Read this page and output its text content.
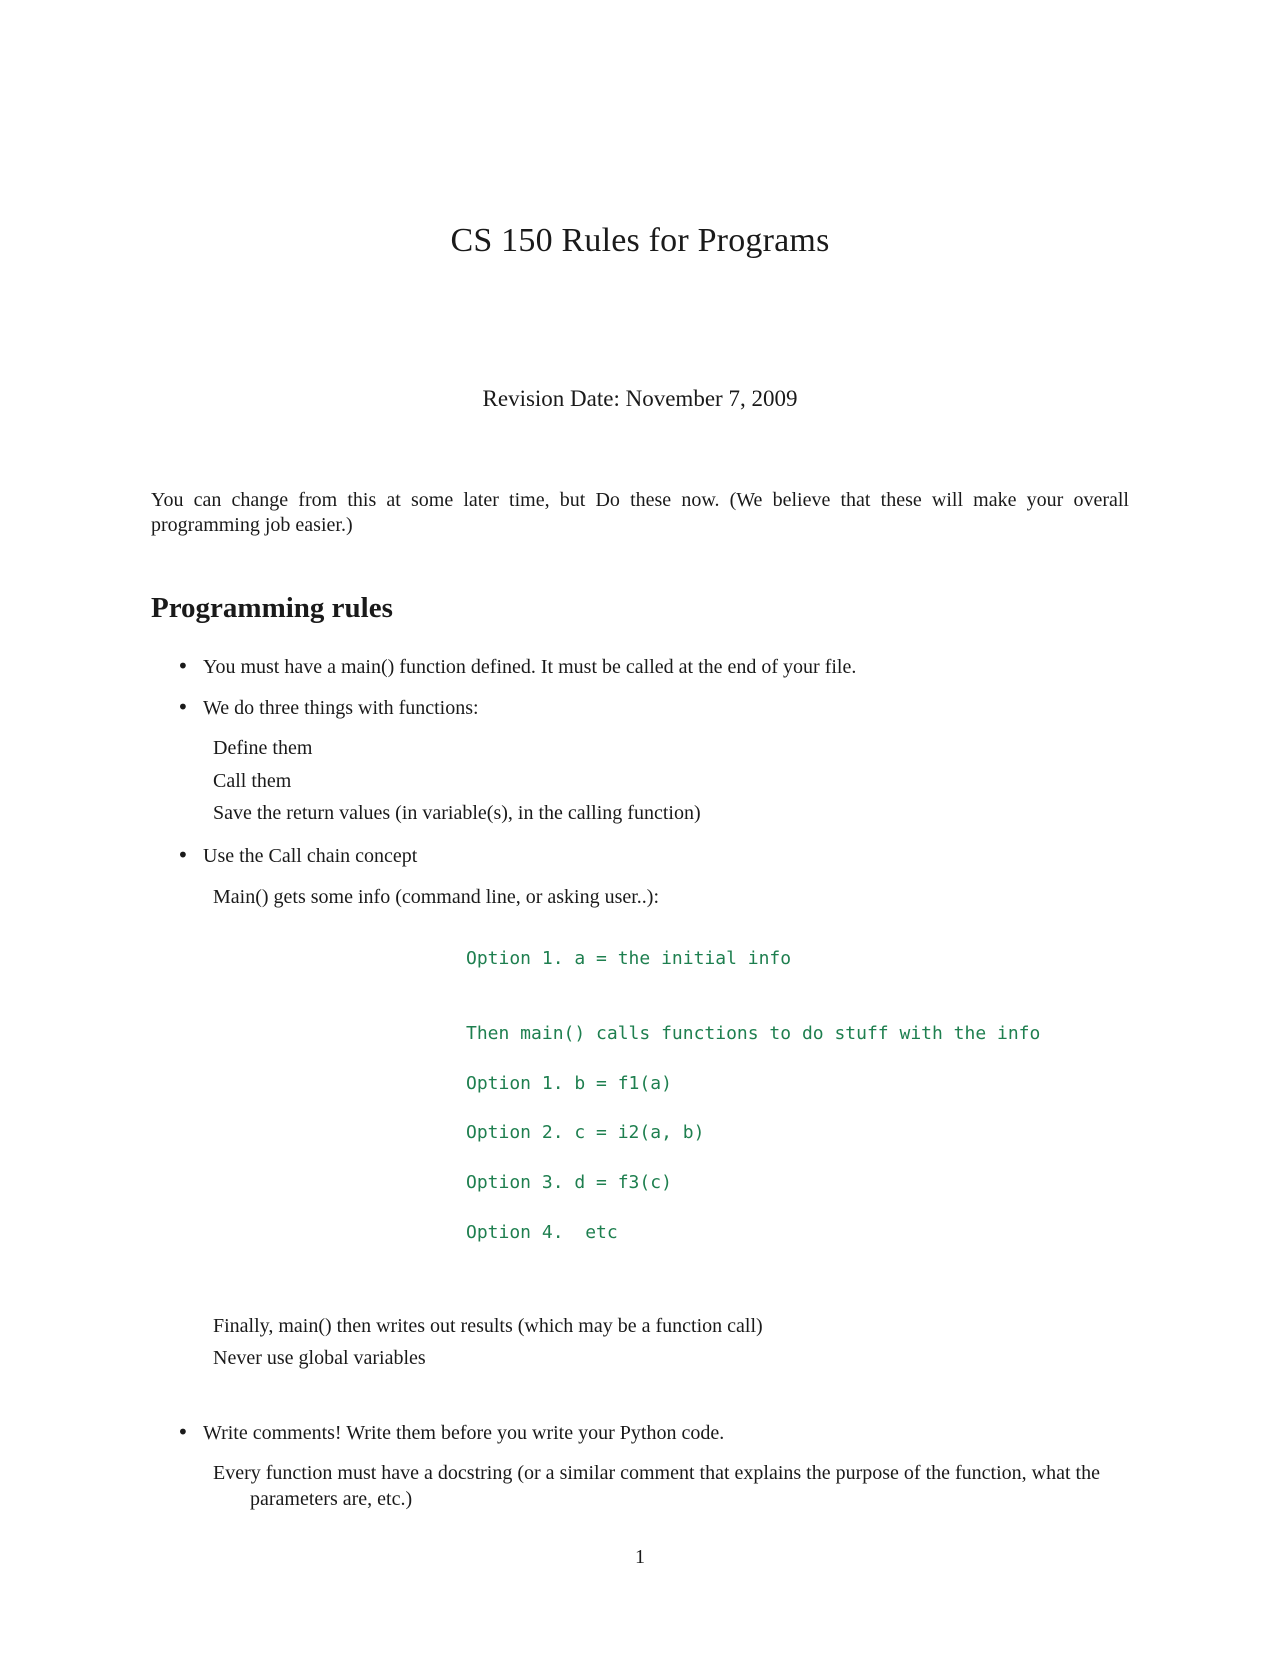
CS 150 Rules for Programs
Revision Date: November 7, 2009
You can change from this at some later time, but Do these now. (We believe that these will make your overall programming job easier.)
Programming rules
• You must have a main() function defined. It must be called at the end of your file.
• We do three things with functions:
Define them
Call them
Save the return values (in variable(s), in the calling function)
• Use the Call chain concept
Main() gets some info (command line, or asking user..):
Option 1. a = the initial info
Then main() calls functions to do stuff with the info
Option 1. b = f1(a)
Option 2. c = i2(a, b)
Option 3. d = f3(c)
Option 4.  etc
Finally, main() then writes out results (which may be a function call)
Never use global variables
• Write comments! Write them before you write your Python code.
Every function must have a docstring (or a similar comment that explains the purpose of the function, what the parameters are, etc.)
1
